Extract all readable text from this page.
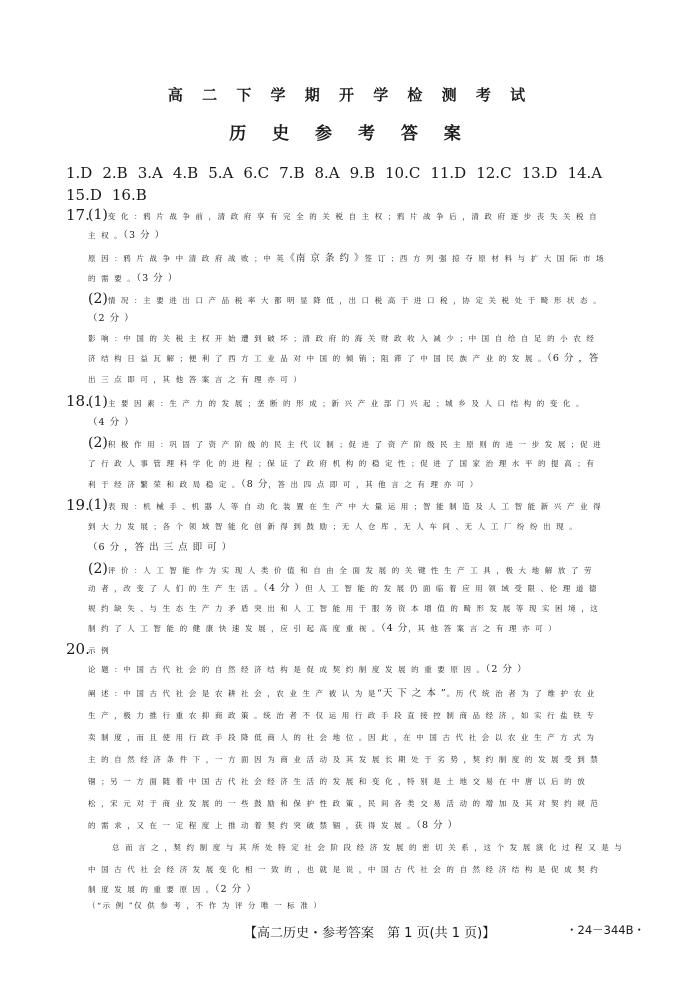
高 二 下 学 期 开 学 检 测 考 试
历 史 参 考 答 案
1.D 2.B 3.A 4.B 5.A 6.C 7.B 8.A 9.B 10.C 11.D 12.C 13.D 14.A
15.D 16.B
17.
(1)变 化 ：鸦 片 战 争 前 ，清 政 府 享 有 完 全 的 关 税 自 主 权 ；鸦 片 战 争 后 ，清 政 府 逐 步 丧 失 关 税 自
主 权 。（3 分 ）
原 因 ：鸦 片 战 争 中 清 政 府 战 败 ；中 英《南 京 条 约 》签 订 ；西 方 列 强 掠 夺 原 材 料 与 扩 大 国 际 市 场
的 需 要 。（3 分 ）
(2)情 况 ：主 要 进 出 口 产 品 税 率 大 都 明 显 降 低 ，出 口 税 高 于 进 口 税 ，协 定 关 税 处 于 畸 形 状 态 。
（2 分 ）
影 响 ：中 国 的 关 税 主 权 开 始 遭 到 破 坏 ；清 政 府 的 海 关 财 政 收 入 减 少 ；中 国 自 给 自 足 的 小 农 经
济 结 构 日 益 瓦 解 ；便 利 了 西 方 工 业 品 对 中 国 的 倾 销 ；阻 滞 了 中 国 民 族 产 业 的 发 展 。（6 分 ，答
出 三 点 即 可 ，其 他 答 案 言 之 有 理 亦 可 ）
18.
(1)主 要 因 素 ：生 产 力 的 发 展 ；垄 断 的 形 成 ；新 兴 产 业 部 门 兴 起 ；城 乡 及 人 口 结 构 的 变 化 。
（4 分 ）
(2)积 极 作 用 ：巩 固 了 资 产 阶 级 的 民 主 代 议 制 ；促 进 了 资 产 阶 级 民 主 原 则 的 进 一 步 发 展 ；促 进
了 行 政 人 事 管 理 科 学 化 的 进 程 ；保 证 了 政 府 机 构 的 稳 定 性 ；促 进 了 国 家 治 理 水 平 的 提 高 ；有
利 于 经 济 繁 荣 和 政 局 稳 定 。（8 分，答 出 四 点 即 可 ，其 他 言 之 有 理 亦 可 ）
19.
(1)表 现 ：机 械 手 、机 器 人 等 自 动 化 装 置 在 生 产 中 大 量 运 用 ；智 能 制 造 及 人 工 智 能 新 兴 产 业 得
到 大 力 发 展 ；各 个 领 域 智 能 化 创 新 得 到 鼓 励 ；无 人 仓 库 、无 人 车 间 、无 人 工 厂 纷 纷 出 现 。
（6 分 ，答 出 三 点 即 可 ）
(2)评 价 ：人 工 智 能 作 为 实 现 人 类 价 值 和 自 由 全 面 发 展 的 关 键 性 生 产 工 具 ，极 大 地 解 放 了 劳
动 者 ，改 变 了 人 们 的 生 产 生 活 。（4 分 ）但 人 工 智 能 的 发 展 仍 面 临 着 应 用 领 域 受 限 、伦 理 道 德
规 约 缺 失 、与 生 态 生 产 力 矛 盾 突 出 和 人 工 智 能 用 于 服 务 资 本 增 值 的 畸 形 发 展 等 现 实 困 境 ，这
制 约 了 人 工 智 能 的 健 康 快 速 发 展 ，应 引 起 高 度 重 视 。（4 分，其 他 答 案 言 之 有 理 亦 可 ）
20.
示 例
论 题 ：中 国 古 代 社 会 的 自 然 经 济 结 构 是 促 成 契 约 制 度 发 展 的 重 要 原 因 。（2 分 ）
阐 述 ：中 国 古 代 社 会 是 农 耕 社 会 ，农 业 生 产 被 认 为 是“天 下 之 本 ”。历 代 统 治 者 为 了 维 护 农 业
生 产 ，极 力 推 行 重 农 抑 商 政 策 。统 治 者 不 仅 运 用 行 政 手 段 直 接 控 制 商 品 经 济 ，如 实 行 盐 铁 专
卖 制 度 ，而 且 使 用 行 政 手 段 降 低 商 人 的 社 会 地 位 。因 此 ，在 中 国 古 代 社 会 以 农 业 生 产 方 式 为
主 的 自 然 经 济 条 件 下 ，一 方 面 因 为 商 业 活 动 及 其 发 展 长 期 处 于 劣 势 ，契 约 制 度 的 发 展 受 到 禁
锢 ；另 一 方 面 随 着 中 国 古 代 社 会 经 济 生 活 的 发 展 和 变 化 ，特 别 是 土 地 交 易 在 中 唐 以 后 的 放
松 ，宋 元 对 于 商 业 发 展 的 一 些 鼓 励 和 保 护 性 政 策 ，民 间 各 类 交 易 活 动 的 增 加 及 其 对 契 约 规 范
的 需 求 ，又 在 一 定 程 度 上 推 动 着 契 约 突 破 禁 锢 ，获 得 发 展 。（8 分 ）
总 而 言 之 ，契 约 制 度 与 其 所 处 特 定 社 会 阶 段 经 济 发 展 的 密 切 关 系 ，这 个 发 展 演 化 过 程 又 是 与
中 国 古 代 社 会 经 济 发 展 变 化 相 一 致 的 ，也 就 是 说 ，中 国 古 代 社 会 的 自 然 经 济 结 构 是 促 成 契 约
制 度 发 展 的 重 要 原 因 。（2 分 ）
（“示 例 ”仅 供 参 考 ，不 作 为 评 分 唯 一 标 准 ）
【高二历史・参考答案　第 1 页(共 1 页)】	・24－344B・
